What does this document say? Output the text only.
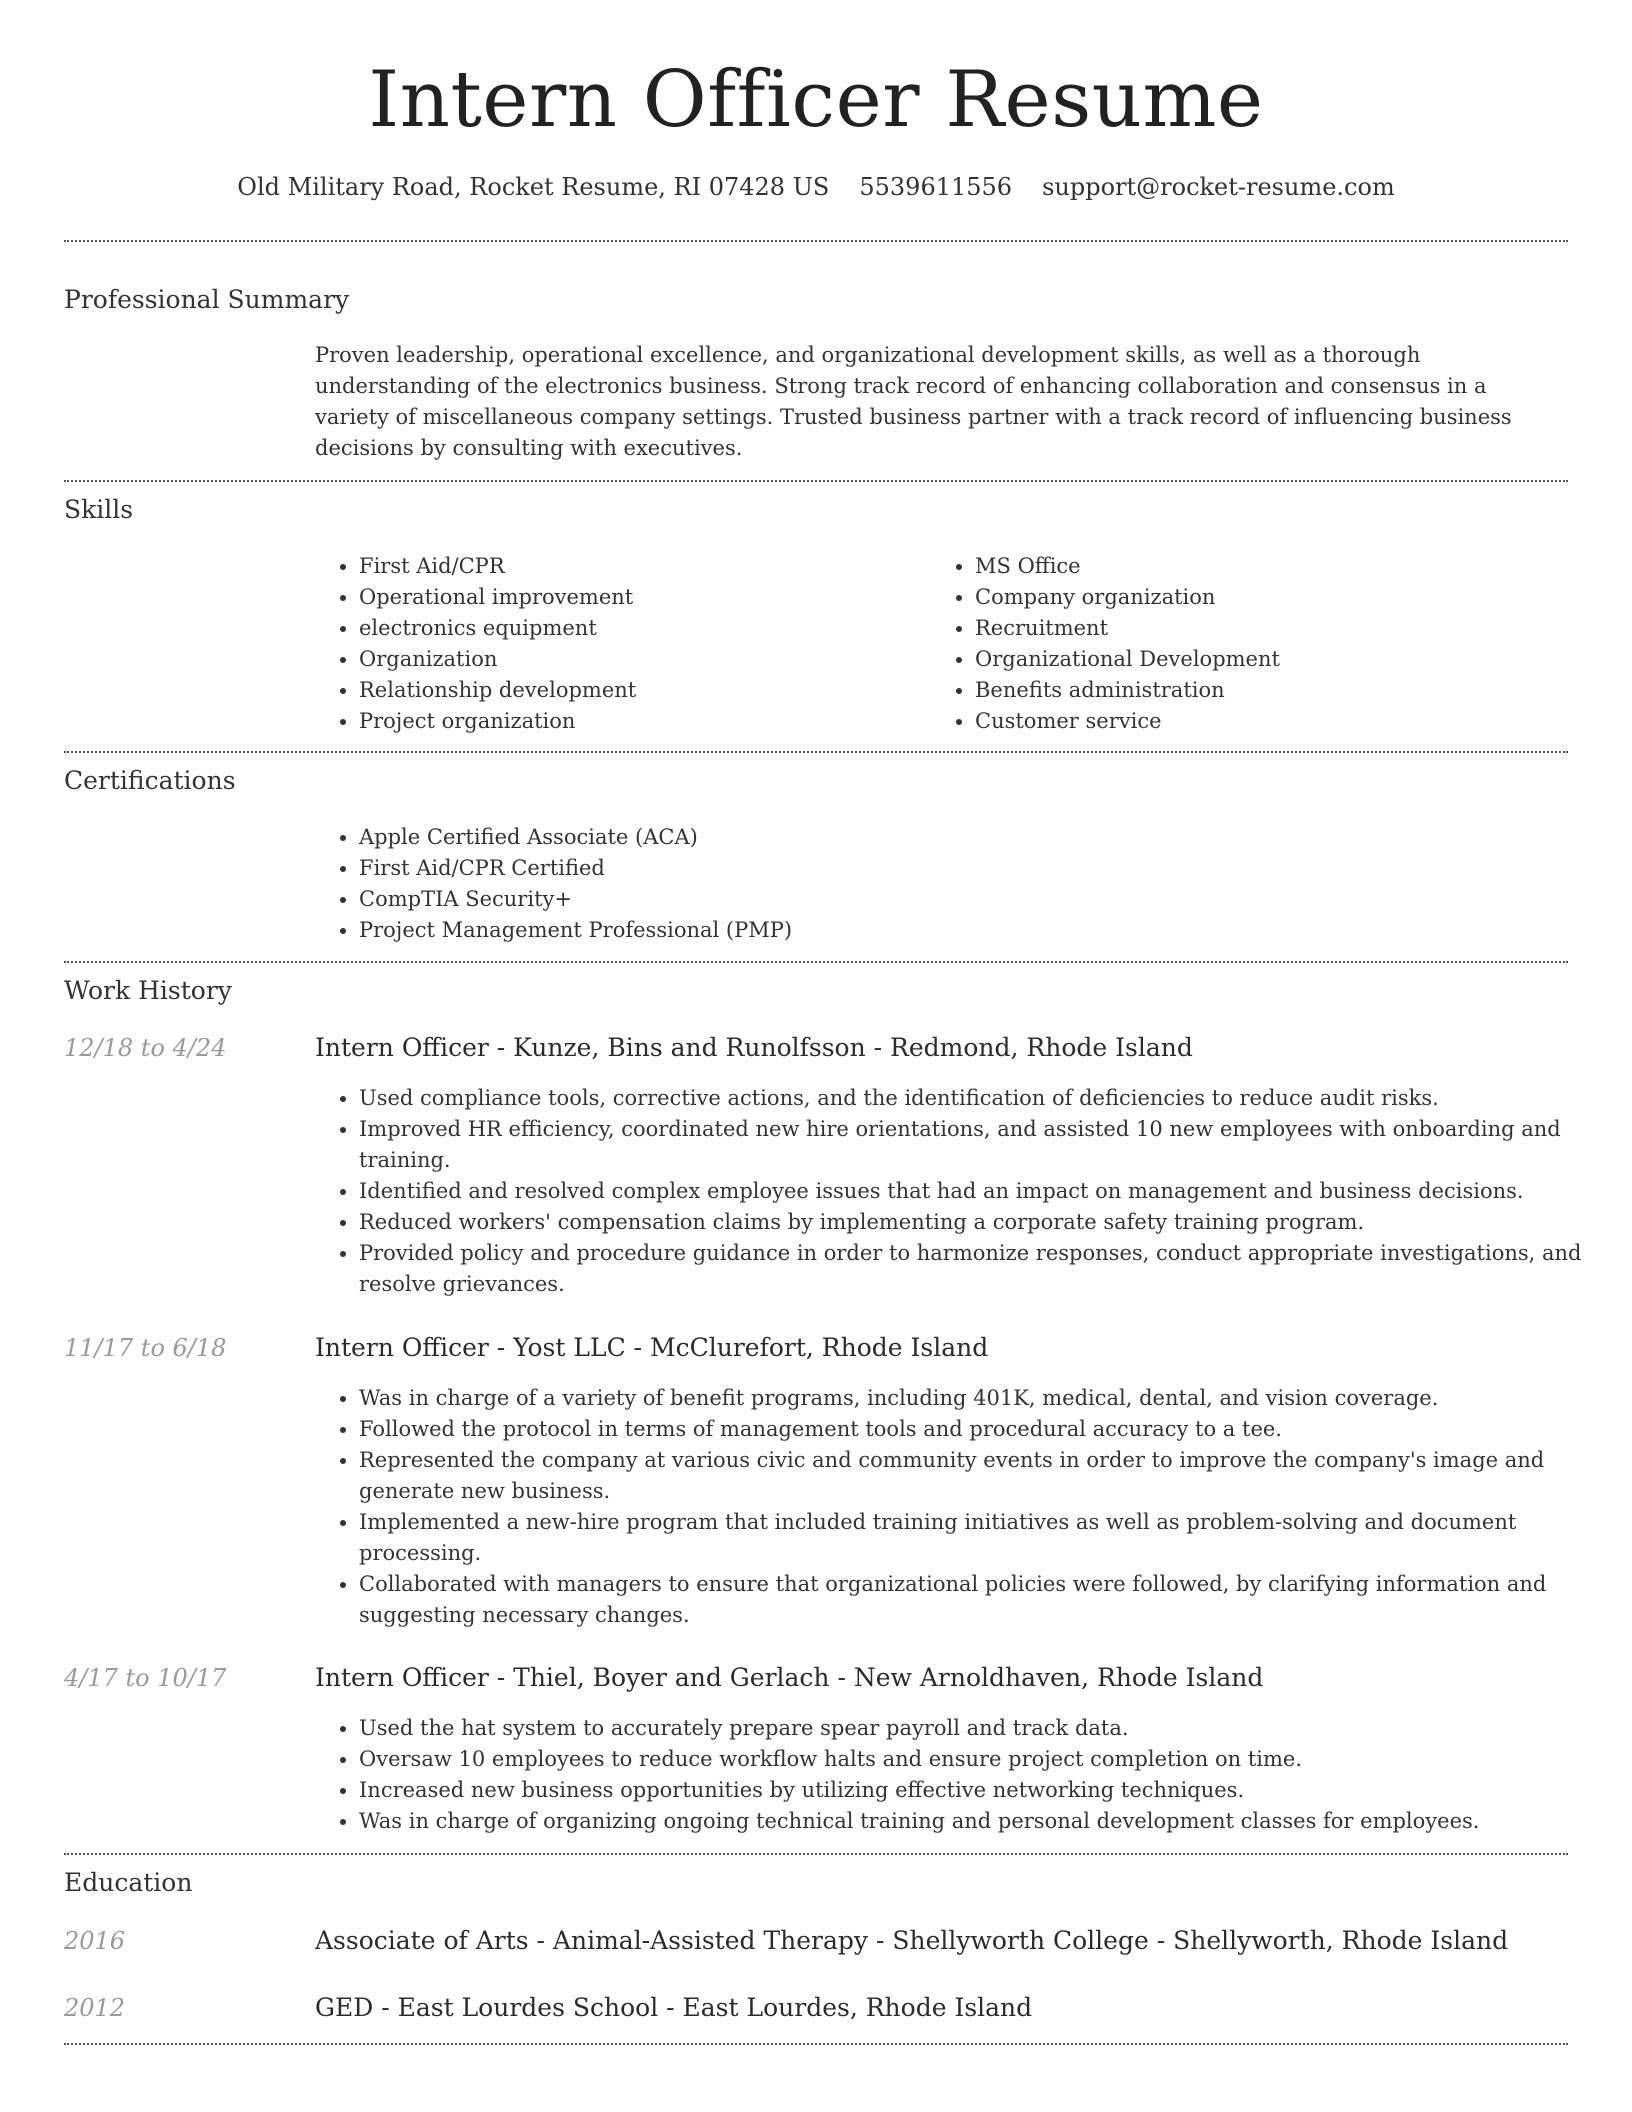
Intern Officer Resume
Old Military Road, Rocket Resume, RI 07428 US 5539611556 support@rocket-resume.com
Professional Summary

Proven leadership, operational excellence, and organizational development skills, as well as a thorough understanding of the electronics business. Strong track record of enhancing collaboration and consensus in a variety of miscellaneous company settings. Trusted business partner with a track record of influencing business decisions by consulting with executives.

Skills
• First Aid/CPR
• Operational improvement
• electronics equipment
• Organization
• Relationship development
• Project organization
• MS Office
• Company organization
• Recruitment
• Organizational Development
• Benefits administration
• Customer service
Certifications
• Apple Certified Associate (ACA)
• First Aid/CPR Certified
• CompTIA Security+
• Project Management Professional (PMP)
Work History
12/18 to 4/24	Intern Officer - Kunze, Bins and Runolfsson - Redmond, Rhode Island
• Used compliance tools, corrective actions, and the identification of deficiencies to reduce audit risks.
• Improved HR efficiency, coordinated new hire orientations, and assisted 10 new employees with onboarding and training.
• Identified and resolved complex employee issues that had an impact on management and business decisions.
• Reduced workers' compensation claims by implementing a corporate safety training program.
• Provided policy and procedure guidance in order to harmonize responses, conduct appropriate investigations, and resolve grievances.
11/17 to 6/18	Intern Officer - Yost LLC - McClurefort, Rhode Island
• Was in charge of a variety of benefit programs, including 401K, medical, dental, and vision coverage.
• Followed the protocol in terms of management tools and procedural accuracy to a tee.
• Represented the company at various civic and community events in order to improve the company's image and generate new business.
• Implemented a new-hire program that included training initiatives as well as problem-solving and document processing.
• Collaborated with managers to ensure that organizational policies were followed, by clarifying information and suggesting necessary changes.
4/17 to 10/17	Intern Officer - Thiel, Boyer and Gerlach - New Arnoldhaven, Rhode Island
• Used the hat system to accurately prepare spear payroll and track data.
• Oversaw 10 employees to reduce workflow halts and ensure project completion on time.
• Increased new business opportunities by utilizing effective networking techniques.
• Was in charge of organizing ongoing technical training and personal development classes for employees.
Education
2016	Associate of Arts - Animal-Assisted Therapy - Shellyworth College - Shellyworth, Rhode Island
2012	GED - East Lourdes School - East Lourdes, Rhode Island
